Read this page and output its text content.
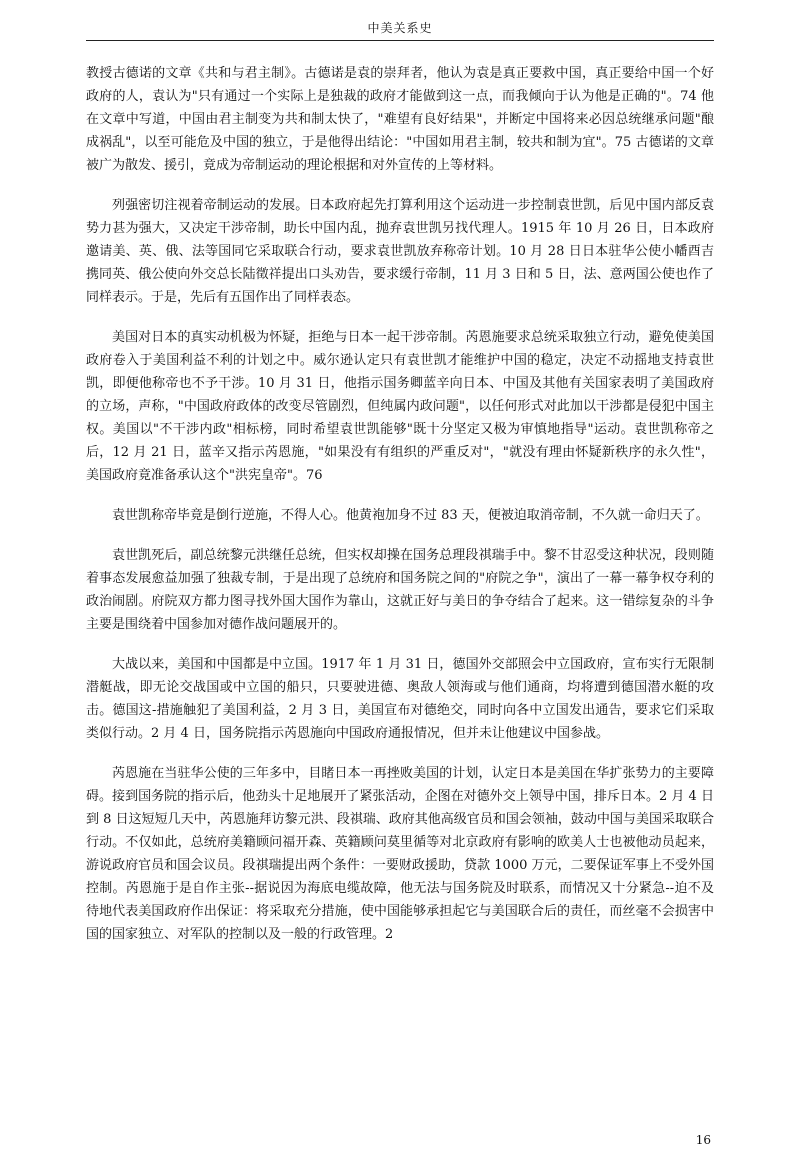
中美关系史

教授古德诺的文章《共和与君主制》。古德诺是袁的崇拜者，他认为袁是真正要救中国，真正要给中国一个好政府的人，袁认为"只有通过一个实际上是独裁的政府才能做到这一点，而我倾向于认为他是正确的"。74 他在文章中写道，中国由君主制变为共和制太快了，"难望有良好结果"，并断定中国将来必因总统继承问题"酿成祸乱"，以至可能危及中国的独立，于是他得出结论："中国如用君主制，较共和制为宜"。75 古德诺的文章被广为散发、援引，竟成为帝制运动的理论根据和对外宣传的上等材料。

列强密切注视着帝制运动的发展。日本政府起先打算利用这个运动进一步控制袁世凯，后见中国内部反袁势力甚为强大，又决定干涉帝制，助长中国内乱，抛弃袁世凯另找代理人。1915 年 10 月 26 日，日本政府邀请美、英、俄、法等国同它采取联合行动，要求袁世凯放弃称帝计划。10 月 28 日日本驻华公使小幡酉吉携同英、俄公使向外交总长陆徵祥提出口头劝告，要求缓行帝制，11 月 3 日和 5 日，法、意两国公使也作了同样表示。于是，先后有五国作出了同样表态。

美国对日本的真实动机极为怀疑，拒绝与日本一起干涉帝制。芮恩施要求总统采取独立行动，避免使美国政府卷入于美国利益不利的计划之中。威尔逊认定只有袁世凯才能维护中国的稳定，决定不动摇地支持袁世凯，即便他称帝也不予干涉。10 月 31 日，他指示国务卿蓝辛向日本、中国及其他有关国家表明了美国政府的立场，声称，"中国政府政体的改变尽管剧烈，但纯属内政问题"，以任何形式对此加以干涉都是侵犯中国主权。美国以"不干涉内政"相标榜，同时希望袁世凯能够"既十分坚定又极为审慎地指导"运动。袁世凯称帝之后，12 月 21 日，蓝辛又指示芮恩施，"如果没有有组织的严重反对"，"就没有理由怀疑新秩序的永久性"，美国政府竟准备承认这个"洪宪皇帝"。76

袁世凯称帝毕竟是倒行逆施，不得人心。他黄袍加身不过 83 天，便被迫取消帝制，不久就一命归天了。

袁世凯死后，副总统黎元洪继任总统，但实权却操在国务总理段祺瑞手中。黎不甘忍受这种状况，段则随着事态发展愈益加强了独裁专制，于是出现了总统府和国务院之间的"府院之争"，演出了一幕一幕争权夺利的政治闹剧。府院双方都力图寻找外国大国作为靠山，这就正好与美日的争夺结合了起来。这一错综复杂的斗争主要是围绕着中国参加对德作战问题展开的。

大战以来，美国和中国都是中立国。1917 年 1 月 31 日，德国外交部照会中立国政府，宣布实行无限制潜艇战，即无论交战国或中立国的船只，只要驶进德、奥敌人领海或与他们通商，均将遭到德国潜水艇的攻击。德国这-措施触犯了美国利益，2 月 3 日，美国宣布对德绝交，同时向各中立国发出通告，要求它们采取类似行动。2 月 4 日，国务院指示芮恩施向中国政府通报情况，但并未让他建议中国参战。

芮恩施在当驻华公使的三年多中，目睹日本一再挫败美国的计划，认定日本是美国在华扩张势力的主要障碍。接到国务院的指示后，他劲头十足地展开了紧张活动，企图在对德外交上领导中国，排斥日本。2 月 4 日到 8 日这短短几天中，芮恩施拜访黎元洪、段祺瑞、政府其他高级官员和国会领袖，鼓动中国与美国采取联合行动。不仅如此，总统府美籍顾问福开森、英籍顾问莫里循等对北京政府有影响的欧美人士也被他动员起来，游说政府官员和国会议员。段祺瑞提出两个条件：一要财政援助，贷款 1000 万元，二要保证军事上不受外国控制。芮恩施于是自作主张--据说因为海底电缆故障，他无法与国务院及时联系，而情况又十分紧急--迫不及待地代表美国政府作出保证：将采取充分措施，使中国能够承担起它与美国联合后的责任，而丝毫不会损害中国的国家独立、对军队的控制以及一般的行政管理。2

16
